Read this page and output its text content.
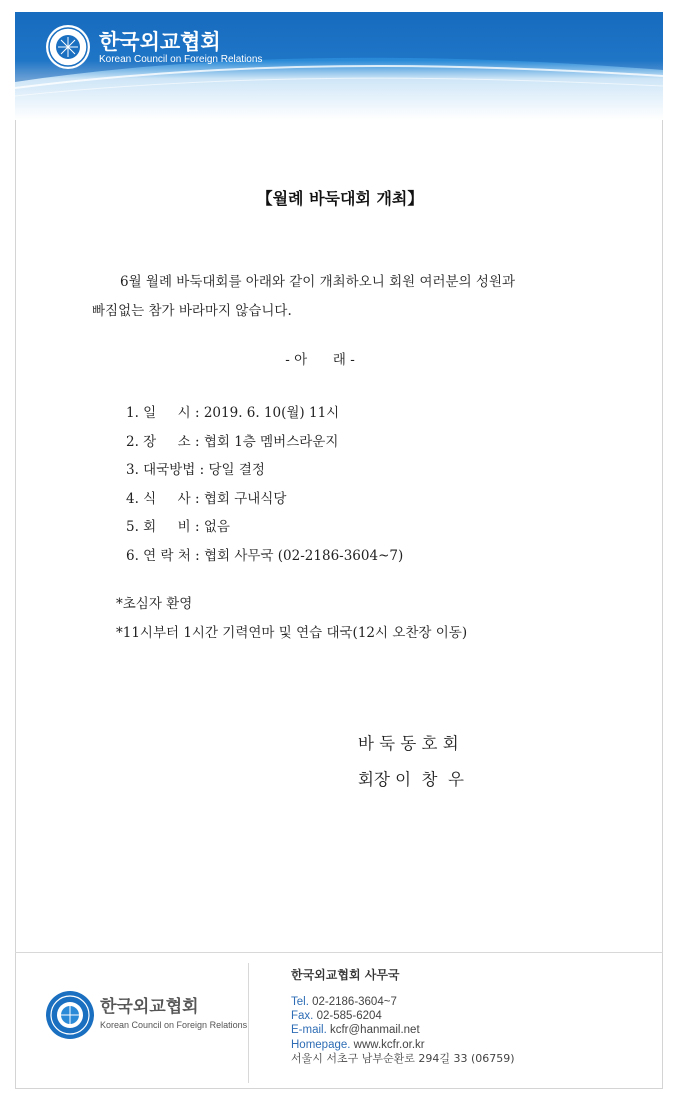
한국외교협회
Korean Council on Foreign Relations
【월례 바둑대회 개최】
6월 월례 바둑대회를 아래와 같이 개최하오니 회원 여러분의 성원과
빠짐없는 참가 바라마지 않습니다.
- 아      래 -
1. 일     시 : 2019. 6. 10(월) 11시
2. 장     소 : 협회 1층 멤버스라운지
3. 대국방법 : 당일 결정
4. 식     사 : 협회 구내식당
5. 회     비 : 없음
6. 연 락 처 : 협회 사무국 (02-2186-3604~7)
*초심자 환영
*11시부터 1시간 기력연마 및 연습 대국(12시 오찬장 이동)
바 둑 동 호 회
회장 이  창  우
한국외교협회
Korean Council on Foreign Relations
한국외교협회 사무국
Tel. 02-2186-3604~7
Fax. 02-585-6204
E-mail. kcfr@hanmail.net
Homepage. www.kcfr.or.kr
서울시 서초구 남부순환로 294길 33 (06759)
